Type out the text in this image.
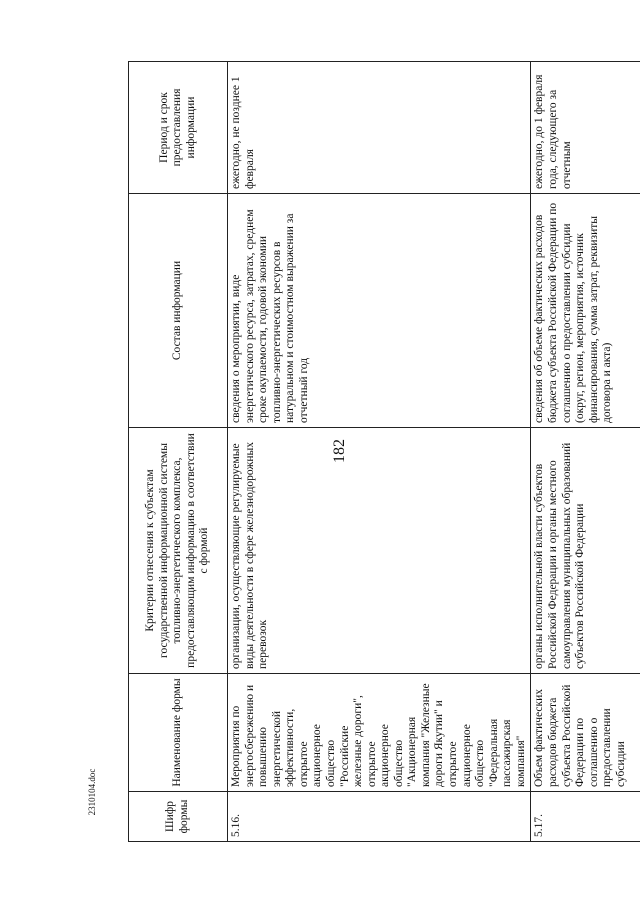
182
2310104.doc
Шифр формы	Наименование формы	Критерии отнесения к субъектам государственной информационной системы топливно-энергетического комплекса, предоставляющим информацию в соответствии с формой	Состав информации	Период и срок предоставления информации
5.16.	Мероприятия по энергосбережению и повышению энергетической эффективности, открытое акционерное общество "Российские железные дороги", открытое акционерное общество "Акционерная компания "Железные дороги Якутии" и открытое акционерное общество "Федеральная пассажирская компания"	организации, осуществляющие регулируемые виды деятельности в сфере железнодорожных перевозок	сведения о мероприятии, виде энергетического ресурса, затратах, среднем сроке окупаемости, годовой экономии топливно-энергетических ресурсов в натуральном и стоимостном выражении за отчетный год	ежегодно, не позднее 1 февраля
5.17.	Объем фактических расходов бюджета субъекта Российской Федерации по соглашению о предоставлении субсидии	органы исполнительной власти субъектов Российской Федерации и органы местного самоуправления муниципальных образований субъектов Российской Федерации	сведения об объеме фактических расходов бюджета субъекта Российской Федерации по соглашению о предоставлении субсидии (округ, регион, мероприятия, источник финансирования, сумма затрат, реквизиты договора и акта)	ежегодно, до 1 февраля года, следующего за отчетным
